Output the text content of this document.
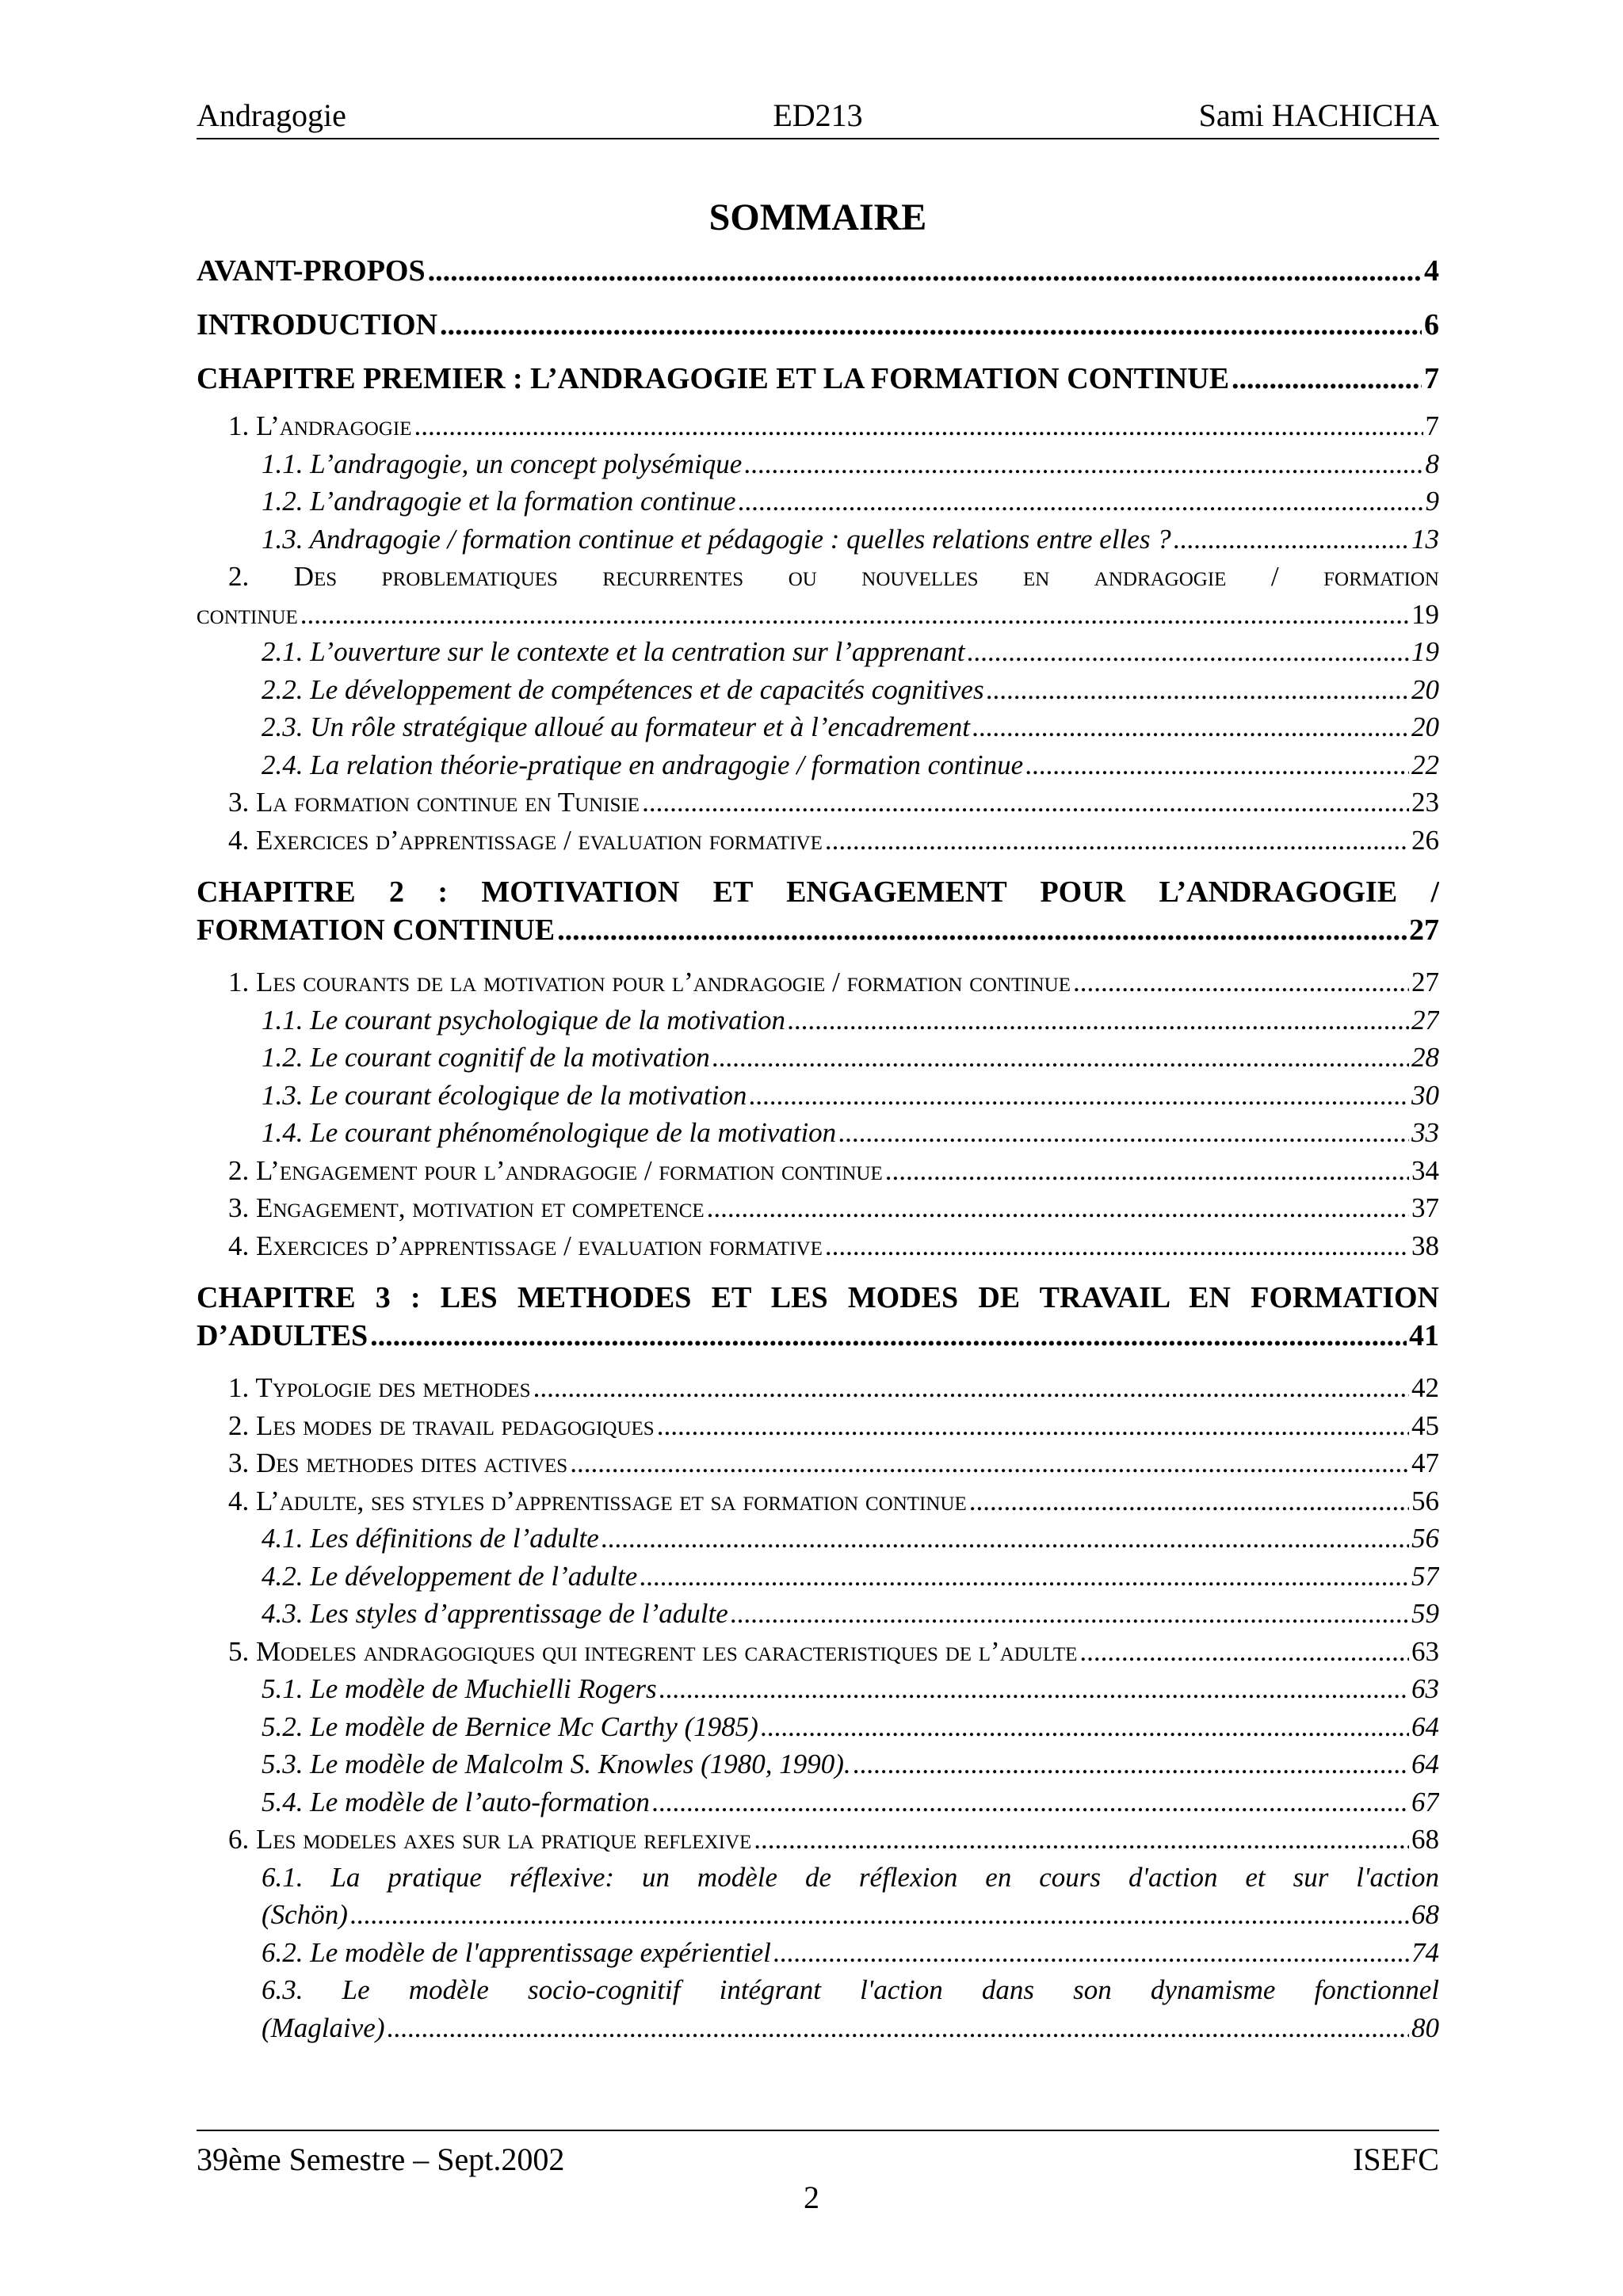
Andragogie	ED213	Sami HACHICHA
SOMMAIRE
AVANT-PROPOS .....	4
INTRODUCTION .....	6
CHAPITRE PREMIER : L’ANDRAGOGIE ET LA FORMATION CONTINUE .....	7
1. L’andragogie .....	7
1.1. L’andragogie, un concept polysémique .....	8
1.2. L’andragogie et la formation continue .....	9
1.3. Andragogie / formation continue et pédagogie : quelles relations entre elles ? .....	13
2. Des problematiques recurrentes ou nouvelles en andragogie / formation
continue .....	19
2.1. L’ouverture sur le contexte et la centration sur l’apprenant .....	19
2.2. Le développement de compétences et de capacités cognitives .....	20
2.3. Un rôle stratégique alloué au formateur et à l’encadrement .....	20
2.4. La relation théorie-pratique en andragogie / formation continue .....	22
3. La formation continue en Tunisie .....	23
4. Exercices d’apprentissage / evaluation formative .....	26
CHAPITRE 2 : MOTIVATION ET ENGAGEMENT POUR L’ANDRAGOGIE /
FORMATION CONTINUE .....	27
1. Les courants de la motivation pour l’andragogie / formation continue .....	27
1.1. Le courant psychologique de la motivation .....	27
1.2. Le courant cognitif de la motivation .....	28
1.3. Le courant écologique de la motivation .....	30
1.4. Le courant phénoménologique de la motivation .....	33
2. L’engagement pour l’andragogie / formation continue .....	34
3. Engagement, motivation et competence .....	37
4. Exercices d’apprentissage / evaluation formative .....	38
CHAPITRE 3 : LES METHODES ET LES MODES DE TRAVAIL EN FORMATION
D’ADULTES .....	41
1. Typologie des methodes .....	42
2. Les modes de travail pedagogiques .....	45
3. Des methodes dites actives .....	47
4. L’adulte, ses styles d’apprentissage et sa formation continue .....	56
4.1. Les définitions de l’adulte .....	56
4.2. Le développement de l’adulte .....	57
4.3. Les styles d’apprentissage de l’adulte .....	59
5. Modeles andragogiques qui integrent les caracteristiques de l’adulte .....	63
5.1. Le modèle de Muchielli Rogers .....	63
5.2. Le modèle de Bernice Mc Carthy (1985) .....	64
5.3. Le modèle de Malcolm S. Knowles (1980, 1990). .....	64
5.4. Le modèle de l’auto-formation .....	67
6. Les modeles axes sur la pratique reflexive .....	68
6.1. La pratique réflexive: un modèle de réflexion en cours d'action et sur l'action
(Schön) .....	68
6.2. Le modèle de l'apprentissage expérientiel .....	74
6.3. Le modèle socio-cognitif intégrant l'action dans son dynamisme fonctionnel
(Maglaive) .....	80
39ème Semestre – Sept.2002	ISEFC
2
